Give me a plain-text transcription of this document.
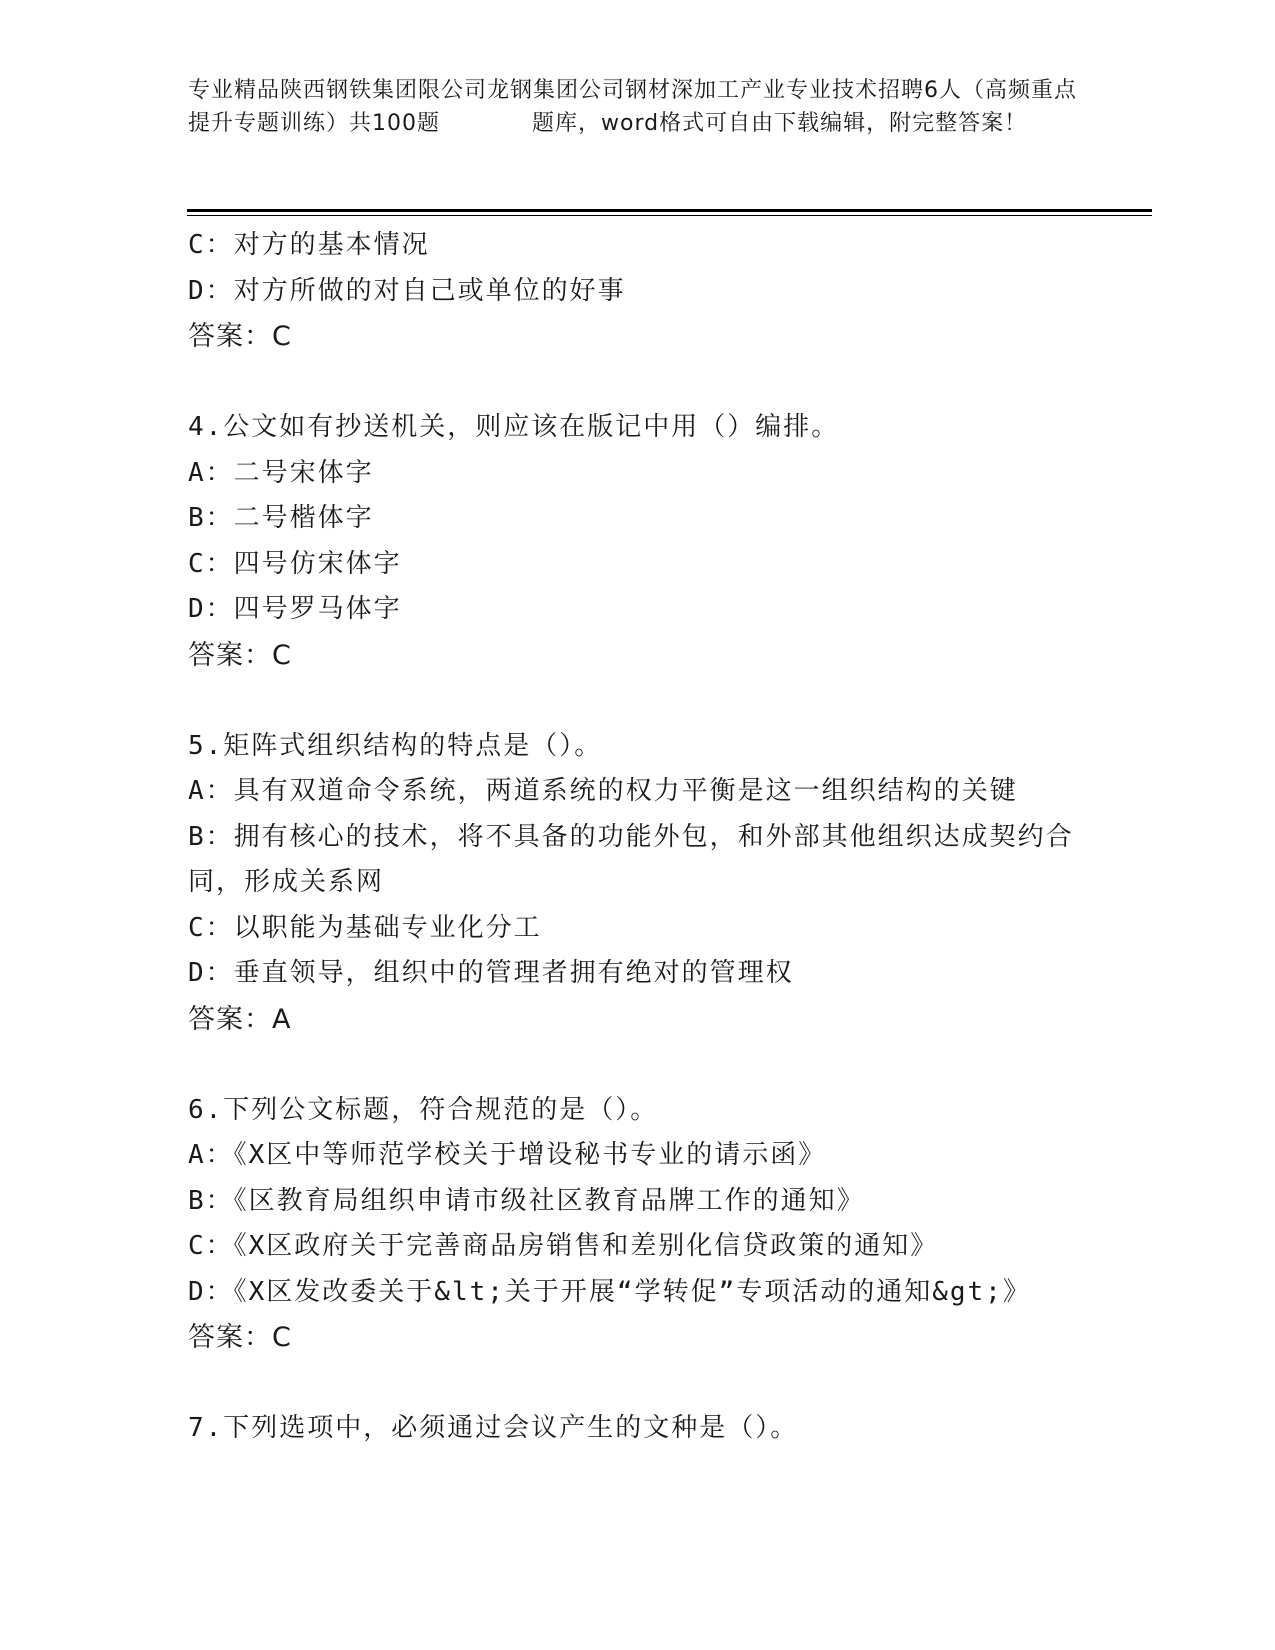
专业精品陕西钢铁集团限公司龙钢集团公司钢材深加工产业专业技术招聘6人（高频重点提升专题训练）共100题　　　　题库，word格式可自由下载编辑，附完整答案！
C：对方的基本情况
D：对方所做的对自己或单位的好事
答案：C
4.公文如有抄送机关，则应该在版记中用（）编排。
A：二号宋体字
B：二号楷体字
C：四号仿宋体字
D：四号罗马体字
答案：C
5.矩阵式组织结构的特点是（）。
A：具有双道命令系统，两道系统的权力平衡是这一组织结构的关键
B：拥有核心的技术，将不具备的功能外包，和外部其他组织达成契约合同，形成关系网
C：以职能为基础专业化分工
D：垂直领导，组织中的管理者拥有绝对的管理权
答案：A
6.下列公文标题，符合规范的是（）。
A：《X区中等师范学校关于增设秘书专业的请示函》
B：《区教育局组织申请市级社区教育品牌工作的通知》
C：《X区政府关于完善商品房销售和差别化信贷政策的通知》
D：《X区发改委关于&lt;关于开展“学转促”专项活动的通知&gt;》
答案：C
7.下列选项中，必须通过会议产生的文种是（）。
